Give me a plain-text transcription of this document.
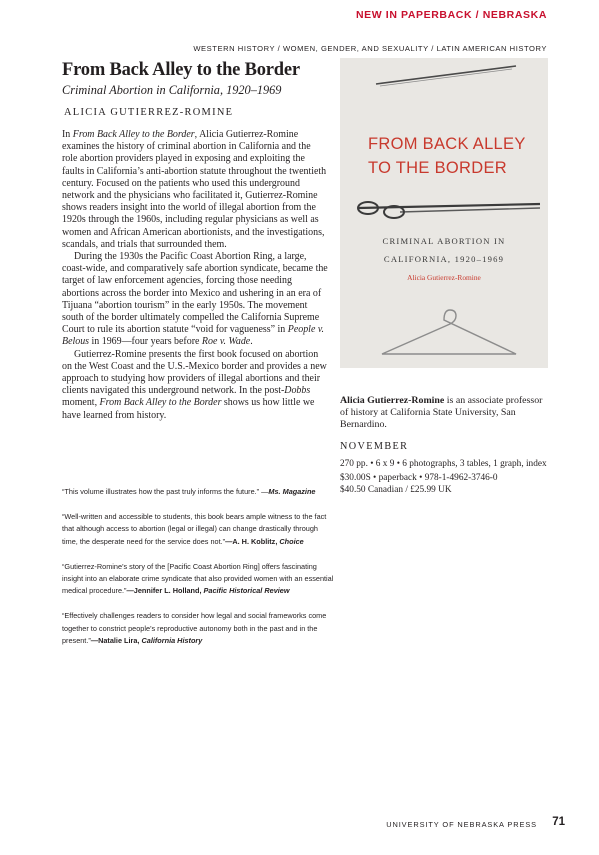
NEW IN PAPERBACK / NEBRASKA
WESTERN HISTORY / WOMEN, GENDER, AND SEXUALITY / LATIN AMERICAN HISTORY
From Back Alley to the Border
Criminal Abortion in California, 1920–1969
ALICIA GUTIERREZ-ROMINE

In From Back Alley to the Border, Alicia Gutierrez-Romine examines the history of criminal abortion in California and the role abortion providers played in exposing and exploiting the faults in California’s anti-abortion statute throughout the twentieth century. Focused on the patients who used this underground network and the physicians who facilitated it, Gutierrez-Romine shows readers insight into the world of illegal abortion from the 1920s through the 1960s, including regular physicians as well as women and African American abortionists, and the investigations, scandals, and trials that surrounded them.

During the 1930s the Pacific Coast Abortion Ring, a large, coast-wide, and comparatively safe abortion syndicate, became the target of law enforcement agencies, forcing those needing abortions across the border into Mexico and ushering in an era of Tijuana “abortion tourism” in the early 1950s. The movement south of the border ultimately compelled the California Supreme Court to rule its abortion statute “void for vagueness” in People v. Belous in 1969—four years before Roe v. Wade.

Gutierrez-Romine presents the first book focused on abortion on the West Coast and the U.S.-Mexico border and provides a new approach to studying how providers of illegal abortions and their clients navigated this underground network. In the post-Dobbs moment, From Back Alley to the Border shows us how little we have learned from history.

“This volume illustrates how the past truly informs the future.” —Ms. Magazine

“Well-written and accessible to students, this book bears ample witness to the fact that although access to abortion (legal or illegal) can change drastically through time, the desperate need for the service does not.”—A. H. Koblitz, Choice

“Gutierrez-Romine’s story of the [Pacific Coast Abortion Ring] offers fascinating insight into an elaborate crime syndicate that also provided women with an essential medical procedure.”—Jennifer L. Holland, Pacific Historical Review

“Effectively challenges readers to consider how legal and social frameworks come together to constrict people’s reproductive autonomy both in the past and in the present.”—Natalie Lira, California History

FROM BACK ALLEY
TO THE BORDER
CRIMINAL ABORTION IN
CALIFORNIA, 1920–1969
Alicia Gutierrez-Romine
Alicia Gutierrez-Romine is an associate professor of history at California State University, San Bernardino.
NOVEMBER
270 pp. • 6 x 9 • 6 photographs, 3 tables, 1 graph, index
$30.00S • paperback • 978-1-4962-3746-0
$40.50 Canadian / £25.99 UK
UNIVERSITY OF NEBRASKA PRESS 71
